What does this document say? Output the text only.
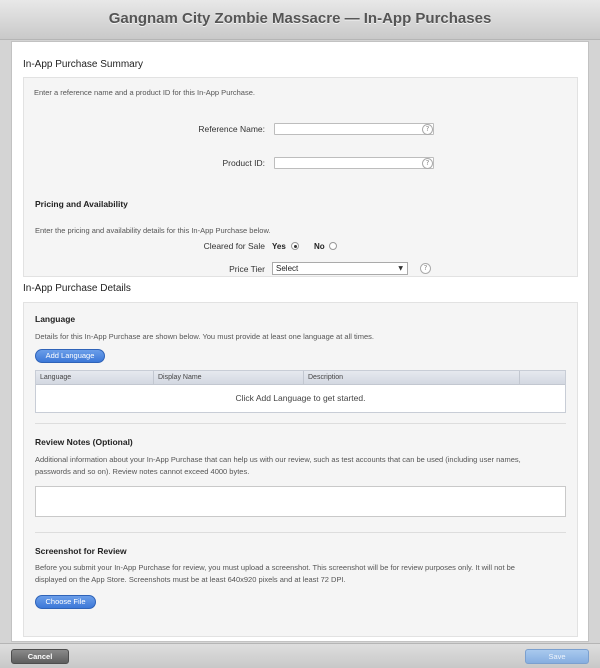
Gangnam City Zombie Massacre — In-App Purchases
In-App Purchase Summary
Enter a reference name and a product ID for this In-App Purchase.
Reference Name:	?
Product ID:	?
Pricing and Availability
Enter the pricing and availability details for this In-App Purchase below.
Cleared for Sale Yes	No
Price Tier	Select	▼	?
In-App Purchase Details
Language
Details for this In-App Purchase are shown below. You must provide at least one language at all times.
Add Language
Language	Display Name	Description
Click Add Language to get started.
Review Notes (Optional)
Additional information about your In-App Purchase that can help us with our review, such as test accounts that can be used (including user names,
passwords and so on). Review notes cannot exceed 4000 bytes.
Screenshot for Review
Before you submit your In-App Purchase for review, you must upload a screenshot. This screenshot will be for review purposes only. It will not be
displayed on the App Store. Screenshots must be at least 640x920 pixels and at least 72 DPI.
Choose File
Cancel	Save
